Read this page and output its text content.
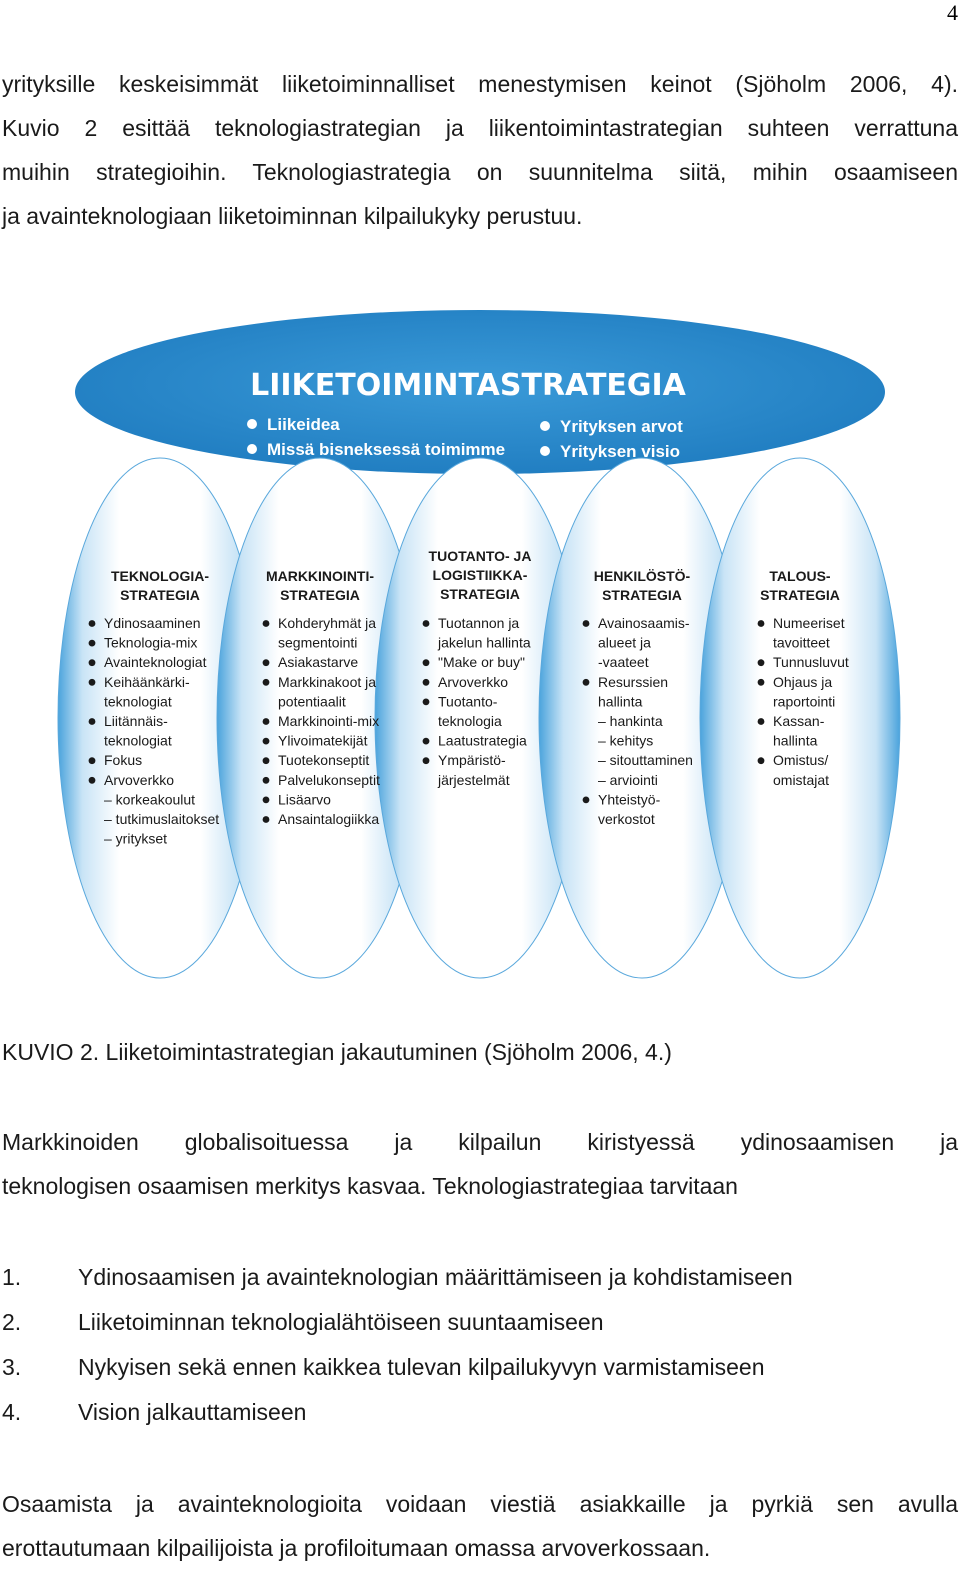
4
yrityksille keskeisimmät liiketoiminnalliset menestymisen keinot (Sjöholm 2006, 4).
Kuvio 2 esittää teknologiastrategian ja liikentoimintastrategian suhteen verrattuna
muihin strategioihin. Teknologiastrategia on suunnitelma siitä, mihin osaamiseen
ja avainteknologiaan liiketoiminnan kilpailukyky perustuu.
LIIKETOIMINTASTRATEGIA
Liikeidea
Missä bisneksessä toimimme
Yrityksen arvot
Yrityksen visio
TEKNOLOGIA-
STRATEGIA
Ydinosaaminen
Teknologia-mix
Avainteknologiat
Keihäänkärki-
teknologiat
Liitännäis-
teknologiat
Fokus
Arvoverkko
– korkeakoulut
– tutkimuslaitokset
– yritykset
MARKKINOINTI-
STRATEGIA
Kohderyhmät ja
segmentointi
Asiakastarve
Markkinakoot ja
potentiaalit
Markkinointi-mix
Ylivoimatekijät
Tuotekonseptit
Palvelukonseptit
Lisäarvo
Ansaintalogiikka
TUOTANTO- JA
LOGISTIIKKA-
STRATEGIA
Tuotannon ja
jakelun hallinta
"Make or buy"
Arvoverkko
Tuotanto-
teknologia
Laatustrategia
Ympäristö-
järjestelmät
HENKILÖSTÖ-
STRATEGIA
Avainosaamis-
alueet ja
-vaateet
Resurssien
hallinta
– hankinta
– kehitys
– sitouttaminen
– arviointi
Yhteistyö-
verkostot
TALOUS-
STRATEGIA
Numeeriset
tavoitteet
Tunnusluvut
Ohjaus ja
raportointi
Kassan-
hallinta
Omistus/
omistajat
KUVIO 2. Liiketoimintastrategian jakautuminen (Sjöholm 2006, 4.)
Markkinoiden globalisoituessa ja kilpailun kiristyessä ydinosaamisen ja
teknologisen osaamisen merkitys kasvaa. Teknologiastrategiaa tarvitaan
1. Ydinosaamisen ja avainteknologian määrittämiseen ja kohdistamiseen
2. Liiketoiminnan teknologialähtöiseen suuntaamiseen
3. Nykyisen sekä ennen kaikkea tulevan kilpailukyvyn varmistamiseen
4. Vision jalkauttamiseen
Osaamista ja avainteknologioita voidaan viestiä asiakkaille ja pyrkiä sen avulla
erottautumaan kilpailijoista ja profiloitumaan omassa arvoverkossaan.
